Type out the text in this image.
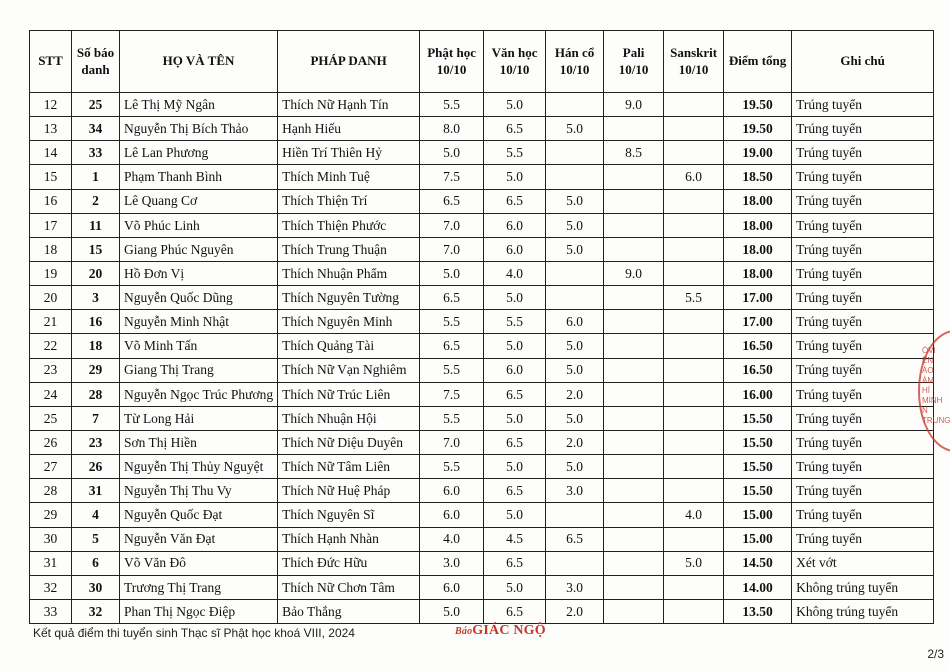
STT	Số báo danh	HỌ VÀ TÊN	PHÁP DANH	Phật học 10/10	Văn học 10/10	Hán cổ 10/10	Pali 10/10	Sanskrit 10/10	Điểm tổng	Ghi chú
12	25	Lê Thị Mỹ Ngân	Thích Nữ Hạnh Tín	5.5	5.0		9.0		19.50	Trúng tuyển
13	34	Nguyễn Thị Bích Thảo	Hạnh Hiếu	8.0	6.5	5.0			19.50	Trúng tuyển
14	33	Lê Lan Phương	Hiền Trí Thiên Hỷ	5.0	5.5		8.5		19.00	Trúng tuyển
15	1	Phạm Thanh Bình	Thích Minh Tuệ	7.5	5.0			6.0	18.50	Trúng tuyển
16	2	Lê Quang Cơ	Thích Thiện Trí	6.5	6.5	5.0			18.00	Trúng tuyển
17	11	Võ Phúc Linh	Thích Thiện Phước	7.0	6.0	5.0			18.00	Trúng tuyển
18	15	Giang Phúc Nguyên	Thích Trung Thuận	7.0	6.0	5.0			18.00	Trúng tuyển
19	20	Hồ Đơn Vị	Thích Nhuận Phẩm	5.0	4.0		9.0		18.00	Trúng tuyển
20	3	Nguyễn Quốc Dũng	Thích Nguyên Tường	6.5	5.0			5.5	17.00	Trúng tuyển
21	16	Nguyễn Minh Nhật	Thích Nguyên Minh	5.5	5.5	6.0			17.00	Trúng tuyển
22	18	Võ Minh Tấn	Thích Quảng Tài	6.5	5.0	5.0			16.50	Trúng tuyển
23	29	Giang Thị Trang	Thích Nữ Vạn Nghiêm	5.5	6.0	5.0			16.50	Trúng tuyển
24	28	Nguyễn Ngọc Trúc Phương	Thích Nữ Trúc Liên	7.5	6.5	2.0			16.00	Trúng tuyển
25	7	Từ Long Hải	Thích Nhuận Hội	5.5	5.0	5.0			15.50	Trúng tuyển
26	23	Sơn Thị Hiền	Thích Nữ Diệu Duyên	7.0	6.5	2.0			15.50	Trúng tuyển
27	26	Nguyễn Thị Thủy Nguyệt	Thích Nữ Tâm Liên	5.5	5.0	5.0			15.50	Trúng tuyển
28	31	Nguyễn Thị Thu Vy	Thích Nữ Huệ Pháp	6.0	6.5	3.0			15.50	Trúng tuyển
29	4	Nguyễn Quốc Đạt	Thích Nguyên Sĩ	6.0	5.0			4.0	15.00	Trúng tuyển
30	5	Nguyễn Văn Đạt	Thích Hạnh Nhàn	4.0	4.5	6.5			15.00	Trúng tuyển
31	6	Võ Văn Đô	Thích Đức Hữu	3.0	6.5			5.0	14.50	Xét vớt
32	30	Trương Thị Trang	Thích Nữ Chơn Tâm	6.0	5.0	3.0			14.00	Không trúng tuyển
33	32	Phan Thị Ngọc Điệp	Bảo Thắng	5.0	6.5	2.0			13.50	Không trúng tuyển
Kết quả điểm thi tuyển sinh Thạc sĩ Phật học khoá VIII, 2024	BáoGIÁC NGỘ
2/3
ÓVI
ÊN
ÁO
ÀM
HÍ MINH
N TRUNG
